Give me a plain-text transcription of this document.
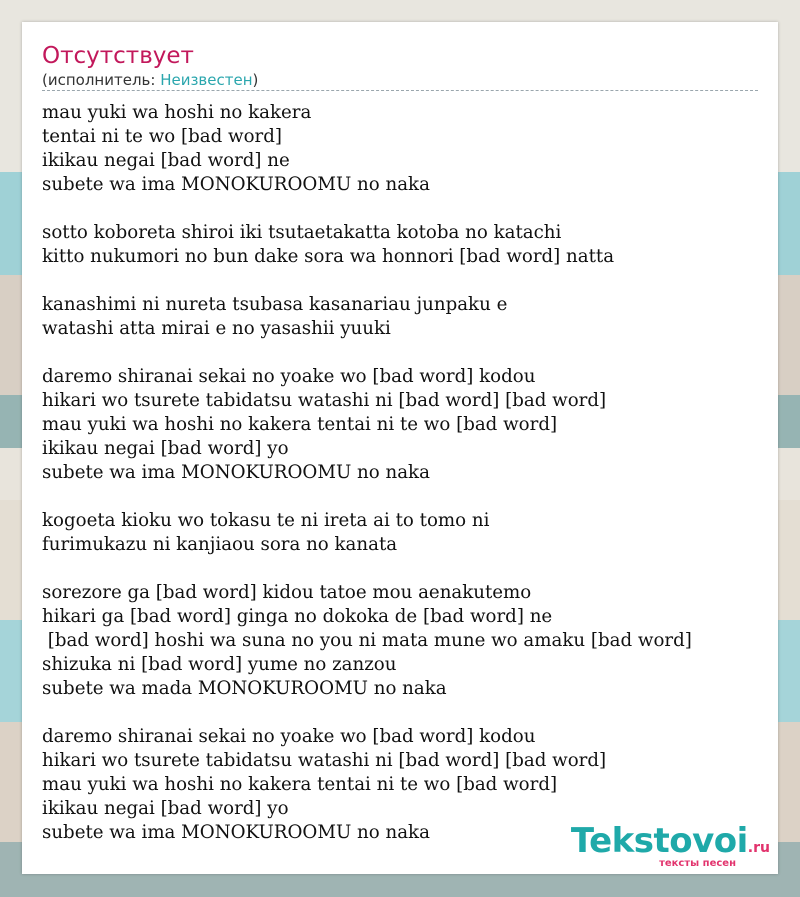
Отсутствует
(исполнитель: Неизвестен)
mau yuki wa hoshi no kakera
tentai ni te wo [bad word]
ikikau negai [bad word] ne
subete wa ima MONOKUROOMU no naka
sotto koboreta shiroi iki tsutaetakatta kotoba no katachi
kitto nukumori no bun dake sora wa honnori [bad word] natta
kanashimi ni nureta tsubasa kasanariau junpaku e
watashi atta mirai e no yasashii yuuki
daremo shiranai sekai no yoake wo [bad word] kodou
hikari wo tsurete tabidatsu watashi ni [bad word] [bad word]
mau yuki wa hoshi no kakera tentai ni te wo [bad word]
ikikau negai [bad word] yo
subete wa ima MONOKUROOMU no naka
kogoeta kioku wo tokasu te ni ireta ai to tomo ni
furimukazu ni kanjiaou sora no kanata
sorezore ga [bad word] kidou tatoe mou aenakutemo
hikari ga [bad word] ginga no dokoka de [bad word] ne
[bad word] hoshi wa suna no you ni mata mune wo amaku [bad word]
shizuka ni [bad word] yume no zanzou
subete wa mada MONOKUROOMU no naka
daremo shiranai sekai no yoake wo [bad word] kodou
hikari wo tsurete tabidatsu watashi ni [bad word] [bad word]
mau yuki wa hoshi no kakera tentai ni te wo [bad word]
ikikau negai [bad word] yo
subete wa ima MONOKUROOMU no naka	Tekstovoi.ru
тексты песен
